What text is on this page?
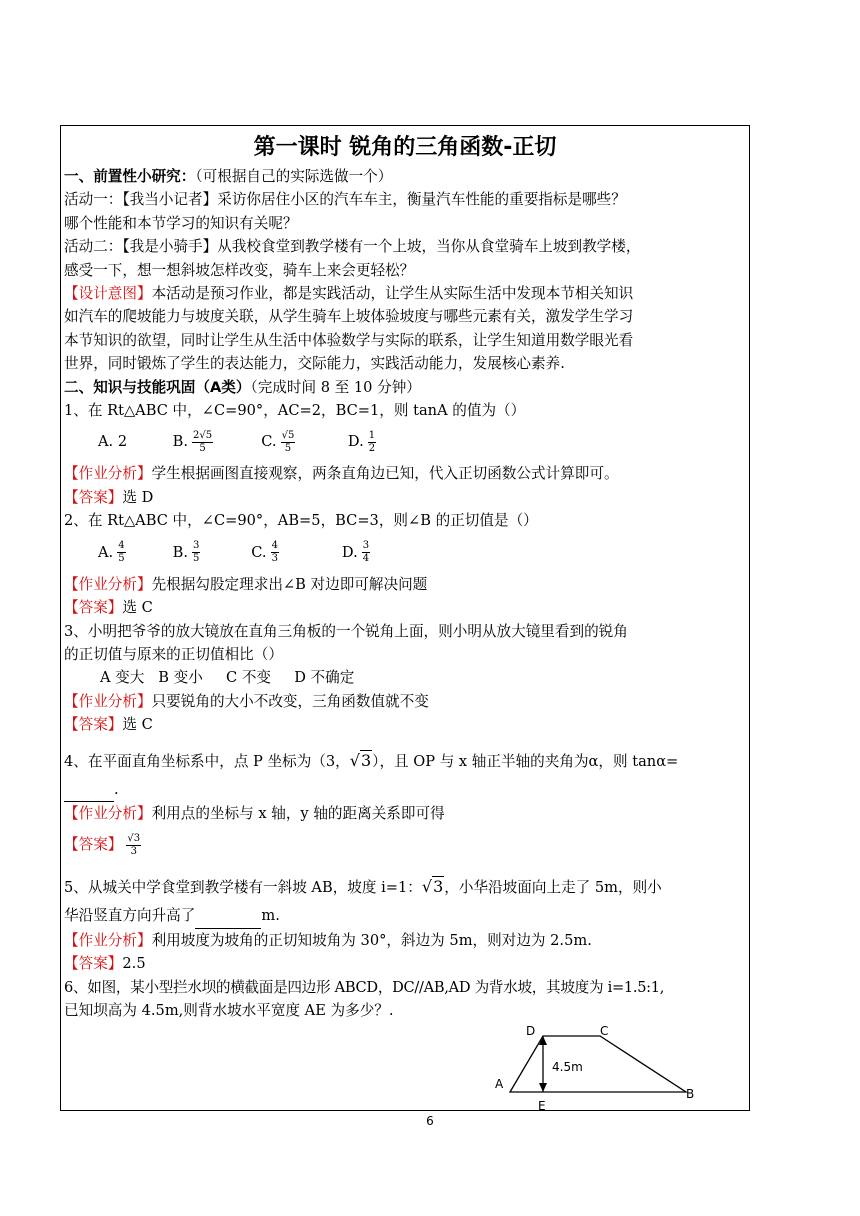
第一课时 锐角的三角函数-正切
一、前置性小研究：（可根据自己的实际选做一个）
活动一：【我当小记者】采访你居住小区的汽车车主，衡量汽车性能的重要指标是哪些？
哪个性能和本节学习的知识有关呢？
活动二：【我是小骑手】从我校食堂到教学楼有一个上坡，当你从食堂骑车上坡到教学楼，
感受一下，想一想斜坡怎样改变，骑车上来会更轻松？
【设计意图】本活动是预习作业，都是实践活动，让学生从实际生活中发现本节相关知识
如汽车的爬坡能力与坡度关联，从学生骑车上坡体验坡度与哪些元素有关，激发学生学习
本节知识的欲望，同时让学生从生活中体验数学与实际的联系，让学生知道用数学眼光看
世界，同时锻炼了学生的表达能力，交际能力，实践活动能力，发展核心素养.
二、知识与技能巩固（A类）（完成时间 8 至 10 分钟）
1、在 Rt△ABC 中，∠C=90°，AC=2，BC=1，则 tanA 的值为（）
A. 2	B. $\frac{2√5}{5}$	C. $\frac{√5}{5}$	D. $\frac{1}{2}$
【作业分析】学生根据画图直接观察，两条直角边已知，代入正切函数公式计算即可。
【答案】选 D
2、在 Rt△ABC 中，∠C=90°，AB=5，BC=3，则∠B 的正切值是（）
A. $\frac{4}{5}$	B. $\frac{3}{5}$	C. $\frac{4}{3}$	D. $\frac{3}{4}$
【作业分析】先根据勾股定理求出∠B 对边即可解决问题
【答案】选 C
3、小明把爷爷的放大镜放在直角三角板的一个锐角上面，则小明从放大镜里看到的锐角
的正切值与原来的正切值相比（）
A 变大   B 变小     C 不变     D 不确定
【作业分析】只要锐角的大小不改变，三角函数值就不变
【答案】选 C
4、在平面直角坐标系中，点 P 坐标为（3，√3），且 OP 与 x 轴正半轴的夹角为α，则 tanα=
.
【作业分析】利用点的坐标与 x 轴，y 轴的距离关系即可得
【答案】 $\frac{√3}{3}$
5、从城关中学食堂到教学楼有一斜坡 AB，坡度 i=1：√3，小华沿坡面向上走了 5m，则小
华沿竖直方向升高了	m.
【作业分析】利用坡度为坡角的正切知坡角为 30°，斜边为 5m，则对边为 2.5m.
【答案】2.5
6、如图，某小型拦水坝的横截面是四边形 ABCD，DC//AB,AD 为背水坡，其坡度为 i=1.5:1,
已知坝高为 4.5m,则背水坡水平宽度 AE 为多少？.
D	C
A
B
E
4.5m
6
